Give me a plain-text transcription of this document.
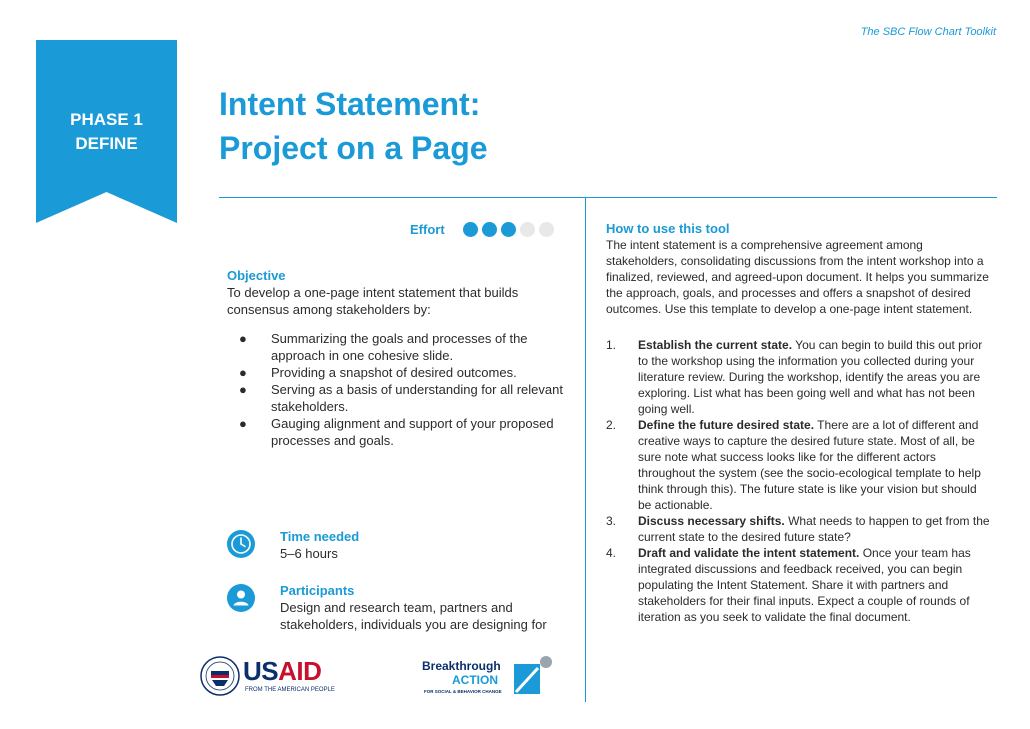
The SBC Flow Chart Toolkit
PHASE 1
DEFINE
Intent Statement:
Project on a Page
Effort
Objective
To develop a one-page intent statement that builds consensus among stakeholders by:
● Summarizing the goals and processes of the approach in one cohesive slide.
● Providing a snapshot of desired outcomes.
● Serving as a basis of understanding for all relevant stakeholders.
● Gauging alignment and support of your proposed processes and goals.
Time needed
5–6 hours
Participants
Design and research team, partners and stakeholders, individuals you are designing for
USAID
FROM THE AMERICAN PEOPLE
Breakthrough
ACTION
FOR SOCIAL & BEHAVIOR CHANGE
How to use this tool
The intent statement is a comprehensive agreement among stakeholders, consolidating discussions from the intent workshop into a finalized, reviewed, and agreed-upon document. It helps you summarize the approach, goals, and processes and offers a snapshot of desired outcomes. Use this template to develop a one-page intent statement.
1. Establish the current state. You can begin to build this out prior to the workshop using the information you collected during your literature review. During the workshop, identify the areas you are exploring. List what has been going well and what has not been going well.
2. Define the future desired state. There are a lot of different and creative ways to capture the desired future state. Most of all, be sure note what success looks like for the different actors throughout the system (see the socio-ecological template to help think through this). The future state is like your vision but should be actionable.
3. Discuss necessary shifts. What needs to happen to get from the current state to the desired future state?
4. Draft and validate the intent statement. Once your team has integrated discussions and feedback received, you can begin populating the Intent Statement. Share it with partners and stakeholders for their final inputs. Expect a couple of rounds of iteration as you seek to validate the final document.
